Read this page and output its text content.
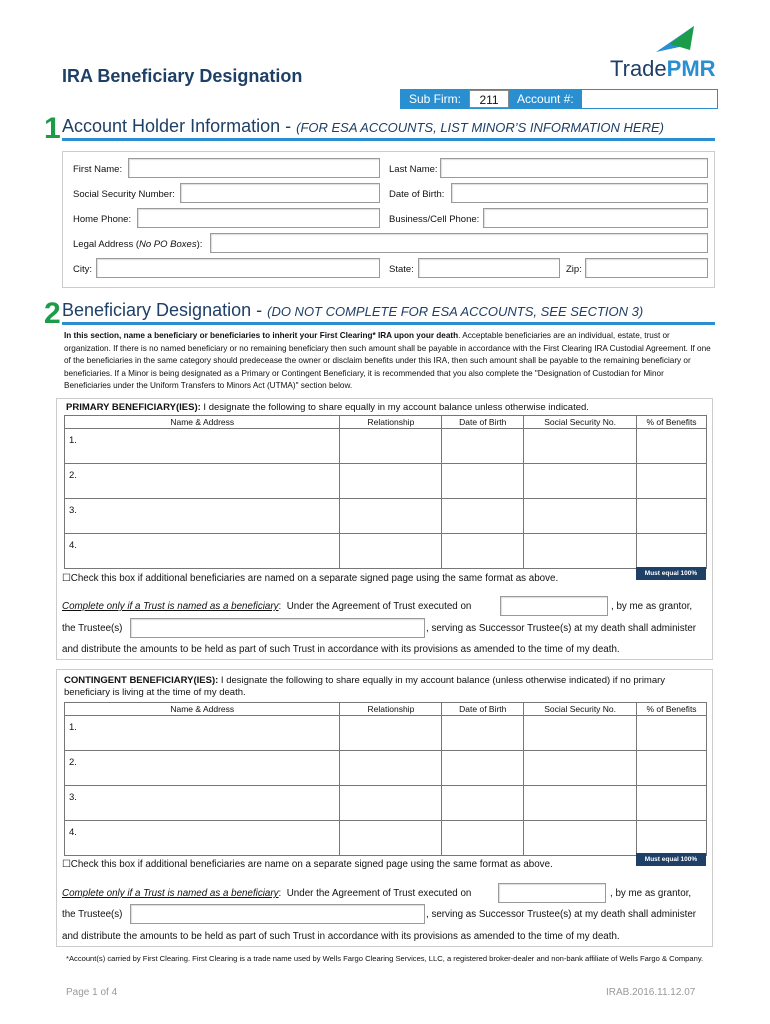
IRA Beneficiary Designation	TradePMR
Sub Firm:	211	Account #:
1 Account Holder Information - (FOR ESA ACCOUNTS, LIST MINOR’S INFORMATION HERE)
First Name:	Last Name:
Social Security Number:	Date of Birth:
Home Phone:	Business/Cell Phone:
Legal Address (No PO Boxes):
City:	State:	Zip:
2 Beneficiary Designation - (DO NOT COMPLETE FOR ESA ACCOUNTS, SEE SECTION 3)
In this section, name a beneficiary or beneficiaries to inherit your First Clearing* IRA upon your death. Acceptable beneficiaries are an individual, estate, trust or organization. If there is no named beneficiary or no remaining beneficiary then such amount shall be payable in accordance with the First Clearing IRA Custodial Agreement. If one of the beneficiaries in the same category should predecease the owner or disclaim benefits under this IRA, then such amount shall be payable to the remaining beneficiary or beneficiaries. If a Minor is being designated as a Primary or Contingent Beneficiary, it is recommended that you also complete the "Designation of Custodian for Minor Beneficiaries under the Uniform Transfers to Minors Act (UTMA)" section below.
PRIMARY BENEFICIARY(IES): I designate the following to share equally in my account balance unless otherwise indicated.
Name & Address	Relationship	Date of Birth	Social Security No.	% of Benefits
1.				
2.				
3.				
4.				
Must equal 100%
☐Check this box if additional beneficiaries are named on a separate signed page using the same format as above.
Complete only if a Trust is named as a beneficiary: Under the Agreement of Trust executed on	, by me as grantor,
the Trustee(s)	, serving as Successor Trustee(s) at my death shall administer
and distribute the amounts to be held as part of such Trust in accordance with its provisions as amended to the time of my death.
CONTINGENT BENEFICIARY(IES): I designate the following to share equally in my account balance (unless otherwise indicated) if no primary beneficiary is living at the time of my death.
Name & Address	Relationship	Date of Birth	Social Security No.	% of Benefits
1.				
2.				
3.				
4.				
Must equal 100%
☐Check this box if additional beneficiaries are name on a separate signed page using the same format as above.
Complete only if a Trust is named as a beneficiary: Under the Agreement of Trust executed on	, by me as grantor,
the Trustee(s)	, serving as Successor Trustee(s) at my death shall administer
and distribute the amounts to be held as part of such Trust in accordance with its provisions as amended to the time of my death.
*Account(s) carried by First Clearing. First Clearing is a trade name used by Wells Fargo Clearing Services, LLC, a registered broker-dealer and non-bank affiliate of Wells Fargo & Company.
Page 1 of 4	IRAB.2016.11.12.07
